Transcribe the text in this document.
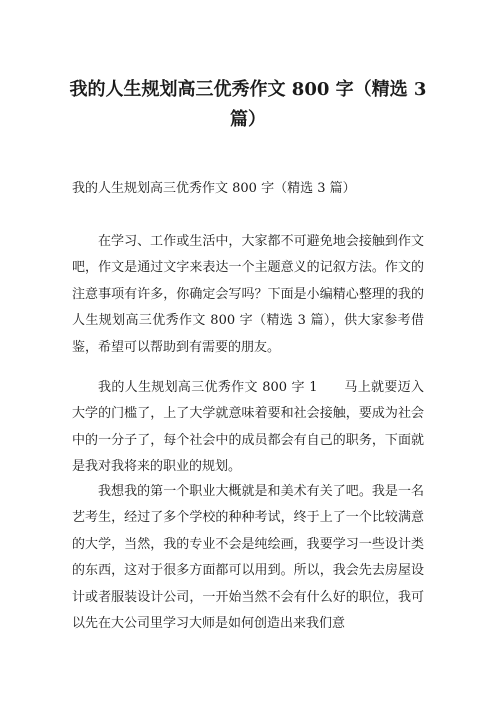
我的人生规划高三优秀作文 800 字（精选 3 篇）

我的人生规划高三优秀作文 800 字（精选 3 篇）

在学习、工作或生活中，大家都不可避免地会接触到作文吧，作文是通过文字来表达一个主题意义的记叙方法。作文的注意事项有许多，你确定会写吗？下面是小编精心整理的我的人生规划高三优秀作文 800 字（精选 3 篇），供大家参考借鉴，希望可以帮助到有需要的朋友。

我的人生规划高三优秀作文 800 字 1　　马上就要迈入大学的门槛了，上了大学就意味着要和社会接触，要成为社会中的一分子了，每个社会中的成员都会有自己的职务，下面就是我对我将来的职业的规划。

我想我的第一个职业大概就是和美术有关了吧。我是一名艺考生，经过了多个学校的种种考试，终于上了一个比较满意的大学，当然，我的专业不会是纯绘画，我要学习一些设计类的东西，这对于很多方面都可以用到。所以，我会先去房屋设计或者服装设计公司，一开始当然不会有什么好的职位，我可以先在大公司里学习大师是如何创造出来我们意
